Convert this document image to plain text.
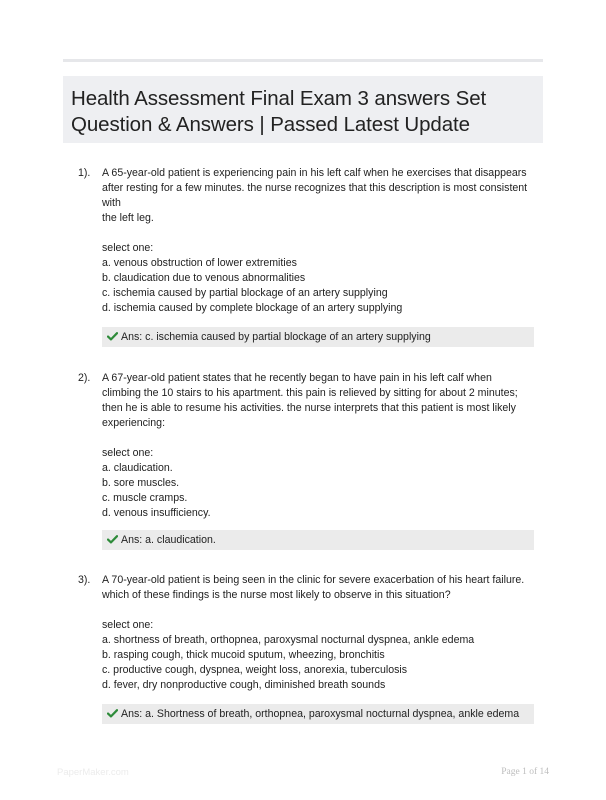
Health Assessment Final Exam 3 answers Set
Question & Answers | Passed Latest Update
1). A 65-year-old patient is experiencing pain in his left calf when he exercises that disappears
after resting for a few minutes. the nurse recognizes that this description is most consistent
with
the left leg.
select one:
a. venous obstruction of lower extremities
b. claudication due to venous abnormalities
c. ischemia caused by partial blockage of an artery supplying
d. ischemia caused by complete blockage of an artery supplying
Ans: c. ischemia caused by partial blockage of an artery supplying
2). A 67-year-old patient states that he recently began to have pain in his left calf when
climbing the 10 stairs to his apartment. this pain is relieved by sitting for about 2 minutes;
then he is able to resume his activities. the nurse interprets that this patient is most likely
experiencing:
select one:
a. claudication.
b. sore muscles.
c. muscle cramps.
d. venous insufficiency.
Ans: a. claudication.
3). A 70-year-old patient is being seen in the clinic for severe exacerbation of his heart failure.
which of these findings is the nurse most likely to observe in this situation?
select one:
a. shortness of breath, orthopnea, paroxysmal nocturnal dyspnea, ankle edema
b. rasping cough, thick mucoid sputum, wheezing, bronchitis
c. productive cough, dyspnea, weight loss, anorexia, tuberculosis
d. fever, dry nonproductive cough, diminished breath sounds
Ans: a. Shortness of breath, orthopnea, paroxysmal nocturnal dyspnea, ankle edema
PaperMaker.com	Page 1 of 14
